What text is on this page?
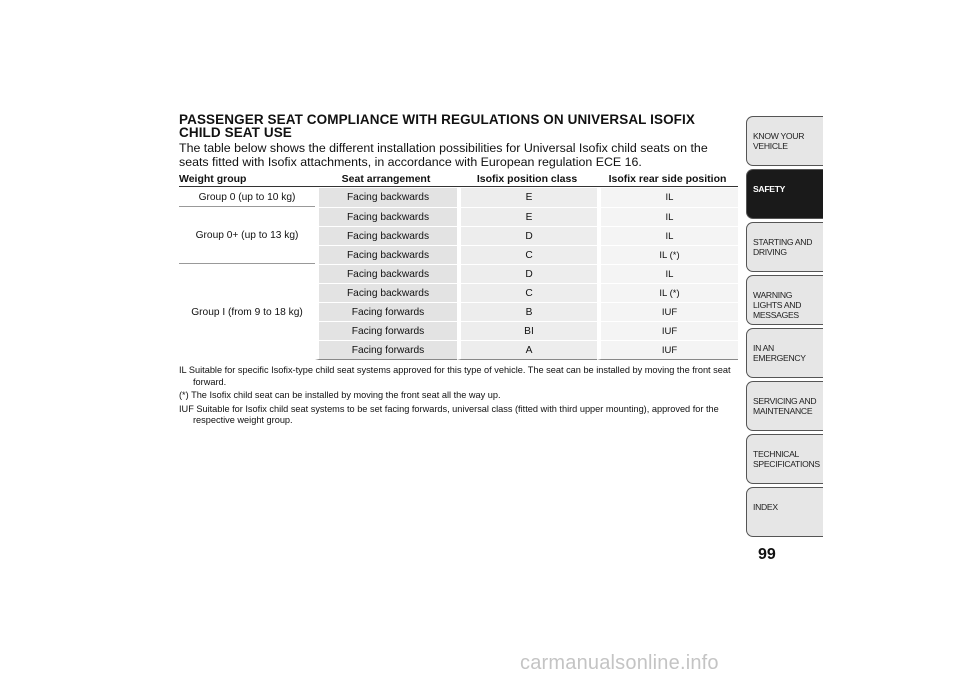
PASSENGER SEAT COMPLIANCE WITH REGULATIONS ON UNIVERSAL ISOFIX CHILD SEAT USE

The table below shows the different installation possibilities for Universal Isofix child seats on the seats fitted with Isofix attachments, in accordance with European regulation ECE 16.

Weight group	Seat arrangement	Isofix position class	Isofix rear side position
Group 0 (up to 10 kg)	Facing backwards	E	IL
Group 0+ (up to 13 kg)	Facing backwards	E	IL
	Facing backwards	D	IL
	Facing backwards	C	IL (*)
Group I (from 9 to 18 kg)	Facing backwards	D	IL
	Facing backwards	C	IL (*)
	Facing forwards	B	IUF
	Facing forwards	BI	IUF
	Facing forwards	A	IUF

IL Suitable for specific Isofix-type child seat systems approved for this type of vehicle. The seat can be installed by moving the front seat forward.

(*) The Isofix child seat can be installed by moving the front seat all the way up.

IUF Suitable for Isofix child seat systems to be set facing forwards, universal class (fitted with third upper mounting), approved for the respective weight group.

KNOW YOUR VEHICLE
SAFETY
STARTING AND DRIVING
WARNING LIGHTS AND MESSAGES
IN AN EMERGENCY
SERVICING AND MAINTENANCE
TECHNICAL SPECIFICATIONS
INDEX
99
carmanualsonline.info
